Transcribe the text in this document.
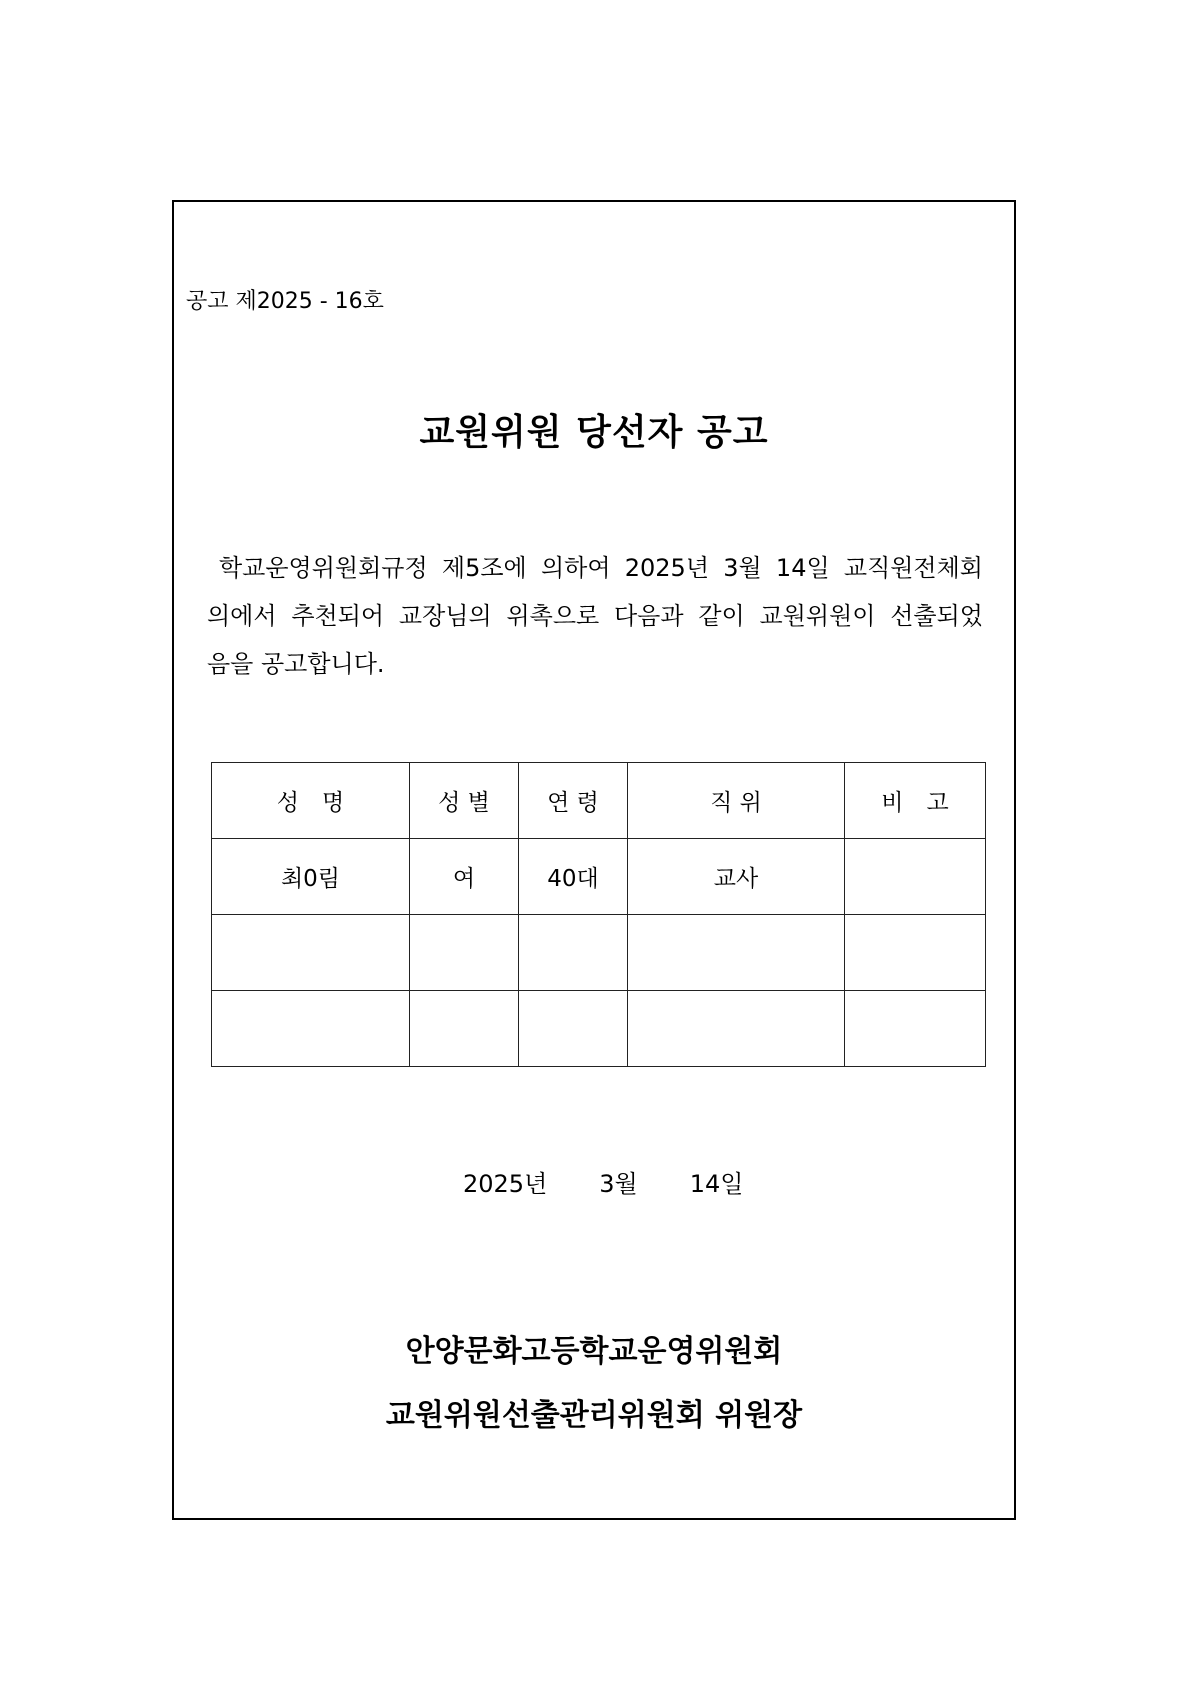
공고 제2025 - 16호
교원위원 당선자 공고
학교운영위원회규정 제5조에 의하여 2025년 3월 14일 교직원전체회
의에서 추천되어 교장님의 위촉으로 다음과 같이 교원위원이 선출되었
음을 공고합니다.
성　명	성 별	연 령	직 위	비　고
최0림	여	40대	교사	

2025년 3월 14일
안양문화고등학교운영위원회
교원위원선출관리위원회 위원장
